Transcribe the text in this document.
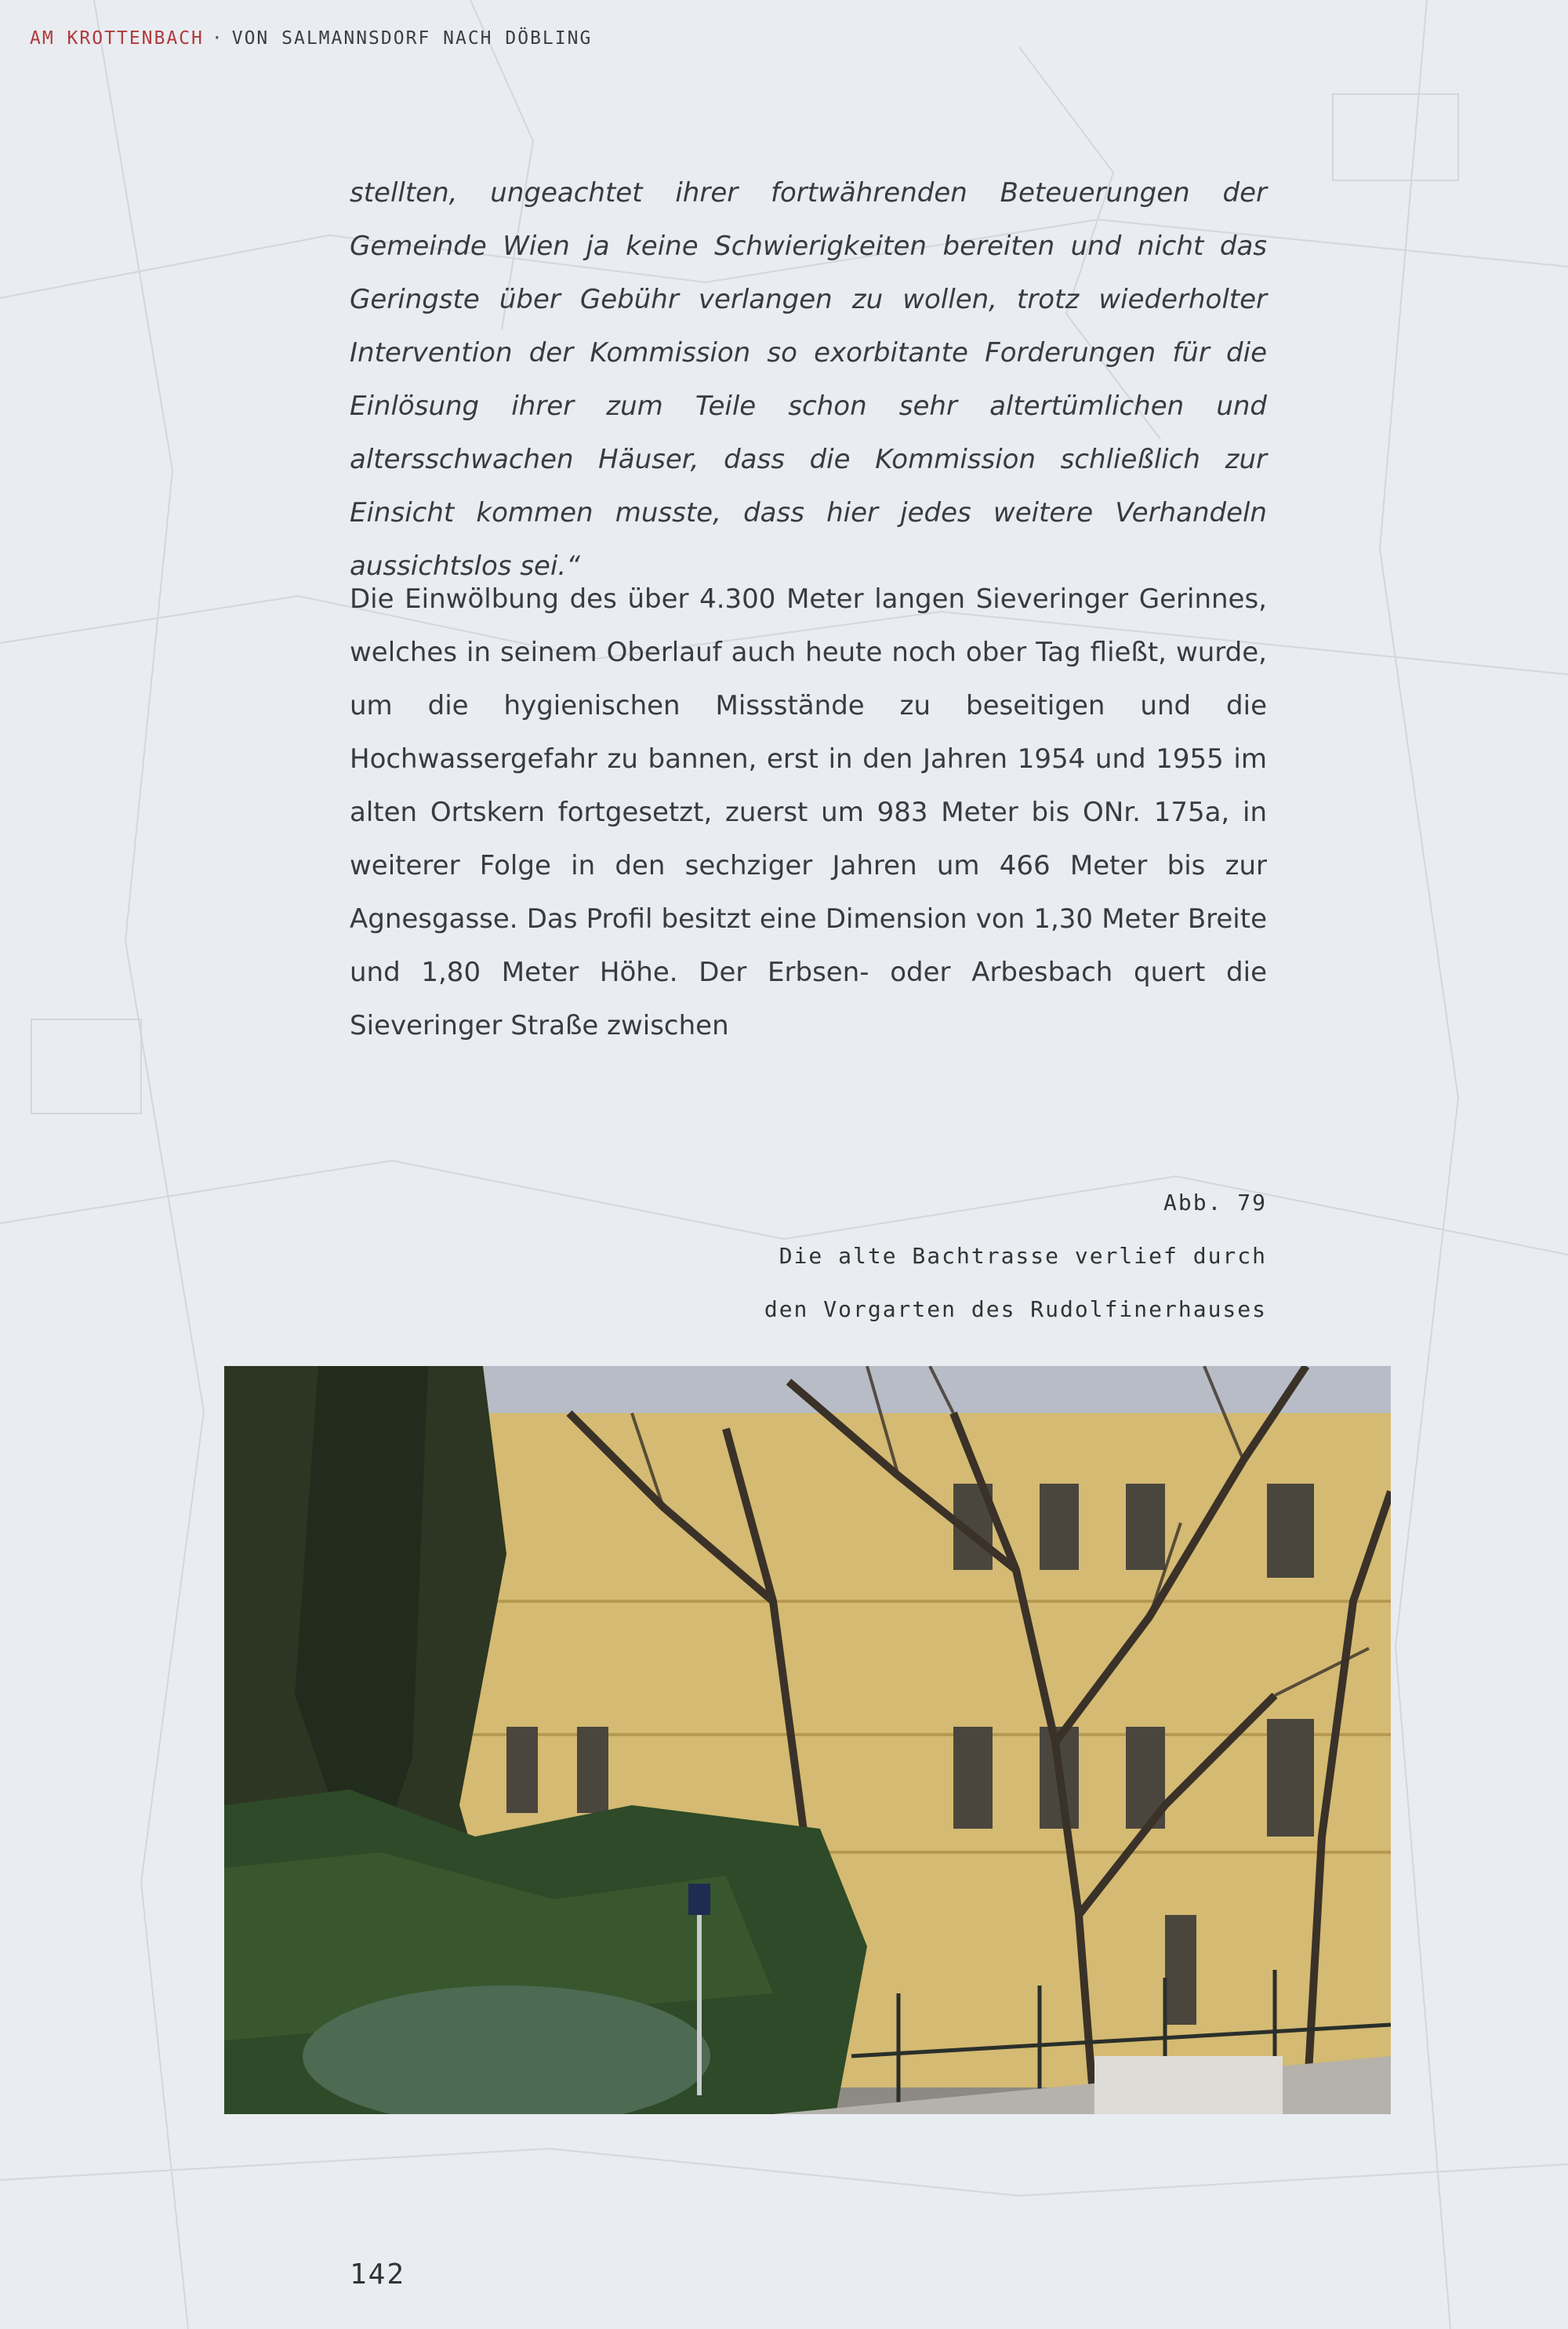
AM KROTTENBACH · VON SALMANNSDORF NACH DÖBLING

stellten, ungeachtet ihrer fortwährenden Beteuerungen der Gemeinde Wien ja keine Schwierigkeiten bereiten und nicht das Geringste über Gebühr verlangen zu wollen, trotz wiederholter Intervention der Kommission so exorbitante Forderungen für die Einlösung ihrer zum Teile schon sehr altertümlichen und altersschwachen Häuser, dass die Kommission schließlich zur Einsicht kommen musste, dass hier jedes weitere Verhandeln aussichtslos sei.“

Die Einwölbung des über 4.300 Meter langen Sieveringer Gerinnes, welches in seinem Oberlauf auch heute noch ober Tag fließt, wurde, um die hygienischen Missstände zu beseitigen und die Hochwassergefahr zu bannen, erst in den Jahren 1954 und 1955 im alten Ortskern fortgesetzt, zuerst um 983 Meter bis ONr. 175a, in weiterer Folge in den sechziger Jahren um 466 Meter bis zur Agnesgasse. Das Profil besitzt eine Dimension von 1,30 Meter Breite und 1,80 Meter Höhe. Der Erbsen- oder Arbesbach quert die Sieveringer Straße zwischen

Abb. 79
Die alte Bachtrasse verlief durch
den Vorgarten des Rudolfinerhauses
142
